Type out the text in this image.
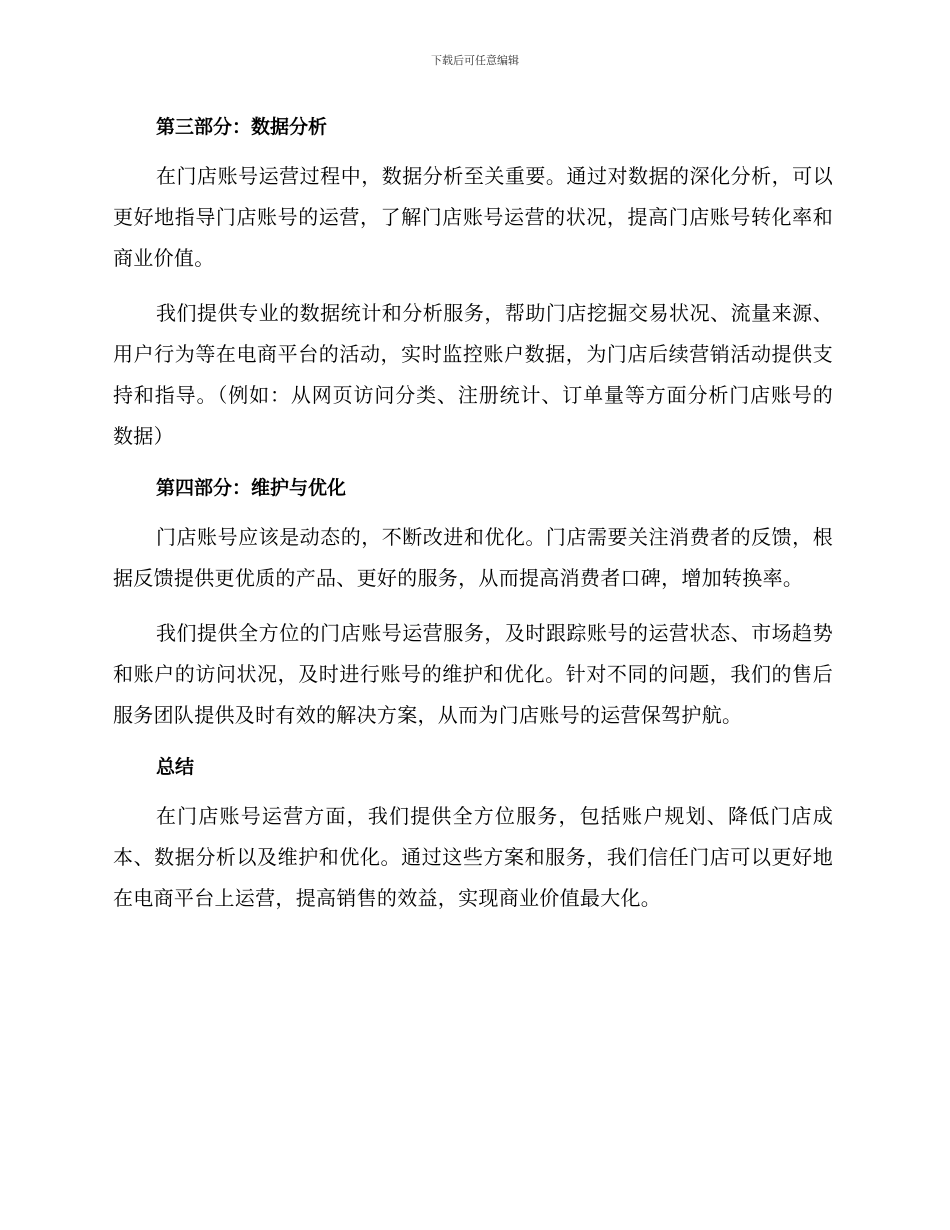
下载后可任意编辑
第三部分：数据分析

在门店账号运营过程中，数据分析至关重要。通过对数据的深化分析，可以更好地指导门店账号的运营，了解门店账号运营的状况，提高门店账号转化率和商业价值。

我们提供专业的数据统计和分析服务，帮助门店挖掘交易状况、流量来源、用户行为等在电商平台的活动，实时监控账户数据，为门店后续营销活动提供支持和指导。（例如：从网页访问分类、注册统计、订单量等方面分析门店账号的数据）

第四部分：维护与优化

门店账号应该是动态的，不断改进和优化。门店需要关注消费者的反馈，根据反馈提供更优质的产品、更好的服务，从而提高消费者口碑，增加转换率。

我们提供全方位的门店账号运营服务，及时跟踪账号的运营状态、市场趋势和账户的访问状况，及时进行账号的维护和优化。针对不同的问题，我们的售后服务团队提供及时有效的解决方案，从而为门店账号的运营保驾护航。

总结

在门店账号运营方面，我们提供全方位服务，包括账户规划、降低门店成本、数据分析以及维护和优化。通过这些方案和服务，我们信任门店可以更好地在电商平台上运营，提高销售的效益，实现商业价值最大化。
